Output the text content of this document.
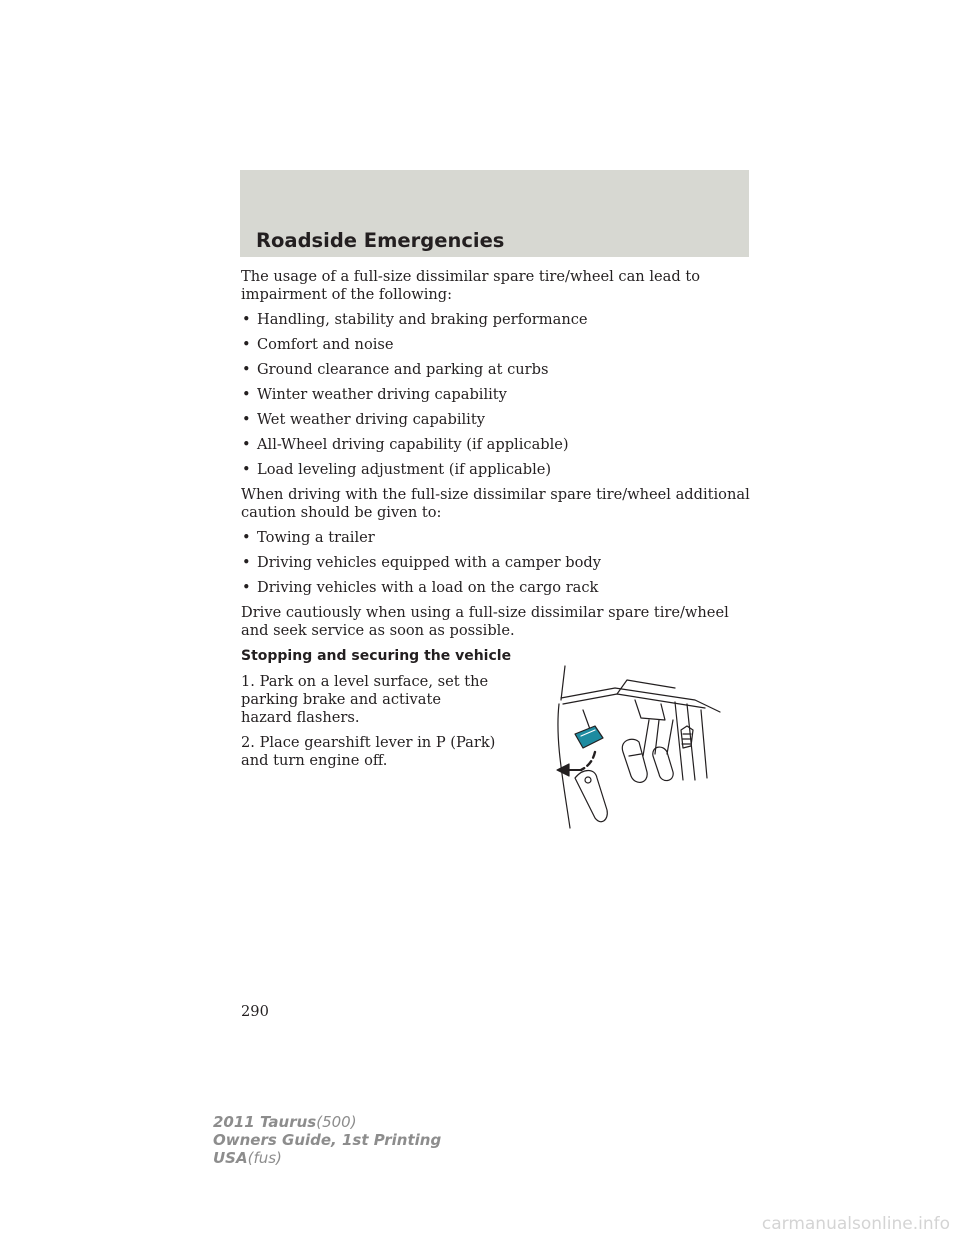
Roadside Emergencies

The usage of a full-size dissimilar spare tire/wheel can lead to impairment of the following:

• Handling, stability and braking performance
• Comfort and noise
• Ground clearance and parking at curbs
• Winter weather driving capability
• Wet weather driving capability
• All-Wheel driving capability (if applicable)
• Load leveling adjustment (if applicable)

When driving with the full-size dissimilar spare tire/wheel additional caution should be given to:

• Towing a trailer
• Driving vehicles equipped with a camper body
• Driving vehicles with a load on the cargo rack

Drive cautiously when using a full-size dissimilar spare tire/wheel and seek service as soon as possible.

Stopping and securing the vehicle

1. Park on a level surface, set the parking brake and activate hazard flashers.

2. Place gearshift lever in P (Park) and turn engine off.

290
2011 Taurus(500)
Owners Guide, 1st Printing
USA(fus)
carmanualsonline.info
